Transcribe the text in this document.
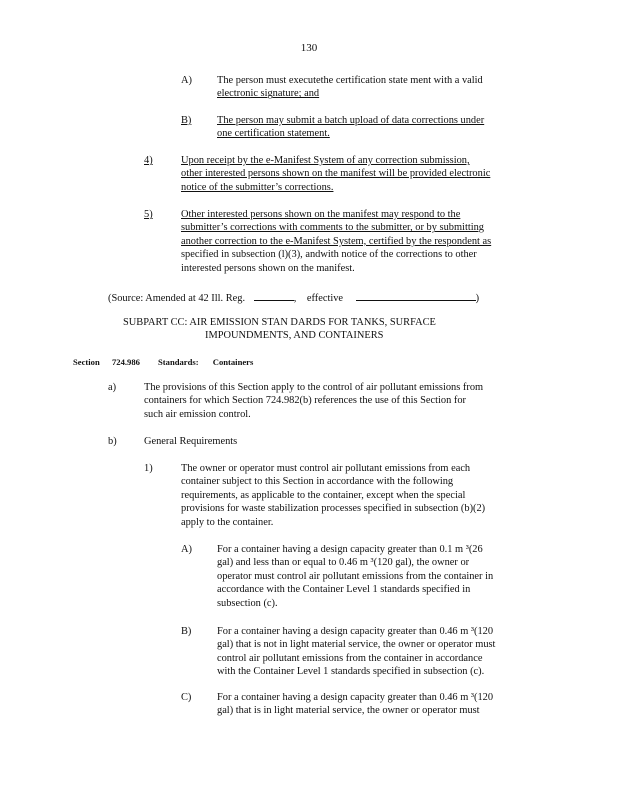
130
A) The person must executethe certification state ment with a valid
electronic signature; and
B) The person may submit a batch upload of data corrections under
one certification statement.
4)	Upon receipt by the e-Manifest System of any correction submission,
other interested persons shown on the manifest will be provided electronic
notice of the submitter’s corrections.
5)	Other interested persons shown on the manifest may respond to the
submitter’s corrections with comments to the submitter, or by submitting
another correction to the e-Manifest System, certified by the respondent as
specified in subsection (l)(3), andwith notice of the corrections to other
interested persons shown on the manifest.
(Source: Amended at 42 Ill. Reg.	, effective	)
SUBPART CC: AIR EMISSION STAN DARDS FOR TANKS, SURFACE
IMPOUNDMENTS, AND CONTAINERS
Section 724.986 Standards: Containers
a)	The provisions of this Section apply to the control of air pollutant emissions from
containers for which Section 724.982(b) references the use of this Section for
such air emission control.
b)	General Requirements
1)	The owner or operator must control air pollutant emissions from each
container subject to this Section in accordance with the following
requirements, as applicable to the container, except when the special
provisions for waste stabilization processes specified in subsection (b)(2)
apply to the container.
A) For a container having a design capacity greater than 0.1 m ³(26
gal) and less than or equal to 0.46 m ³(120 gal), the owner or
operator must control air pollutant emissions from the container in
accordance with the Container Level 1 standards specified in
subsection (c).
B) For a container having a design capacity greater than 0.46 m ³(120
gal) that is not in light material service, the owner or operator must
control air pollutant emissions from the container in accordance
with the Container Level 1 standards specified in subsection (c).
C) For a container having a design capacity greater than 0.46 m ³(120
gal) that is in light material service, the owner or operator must
